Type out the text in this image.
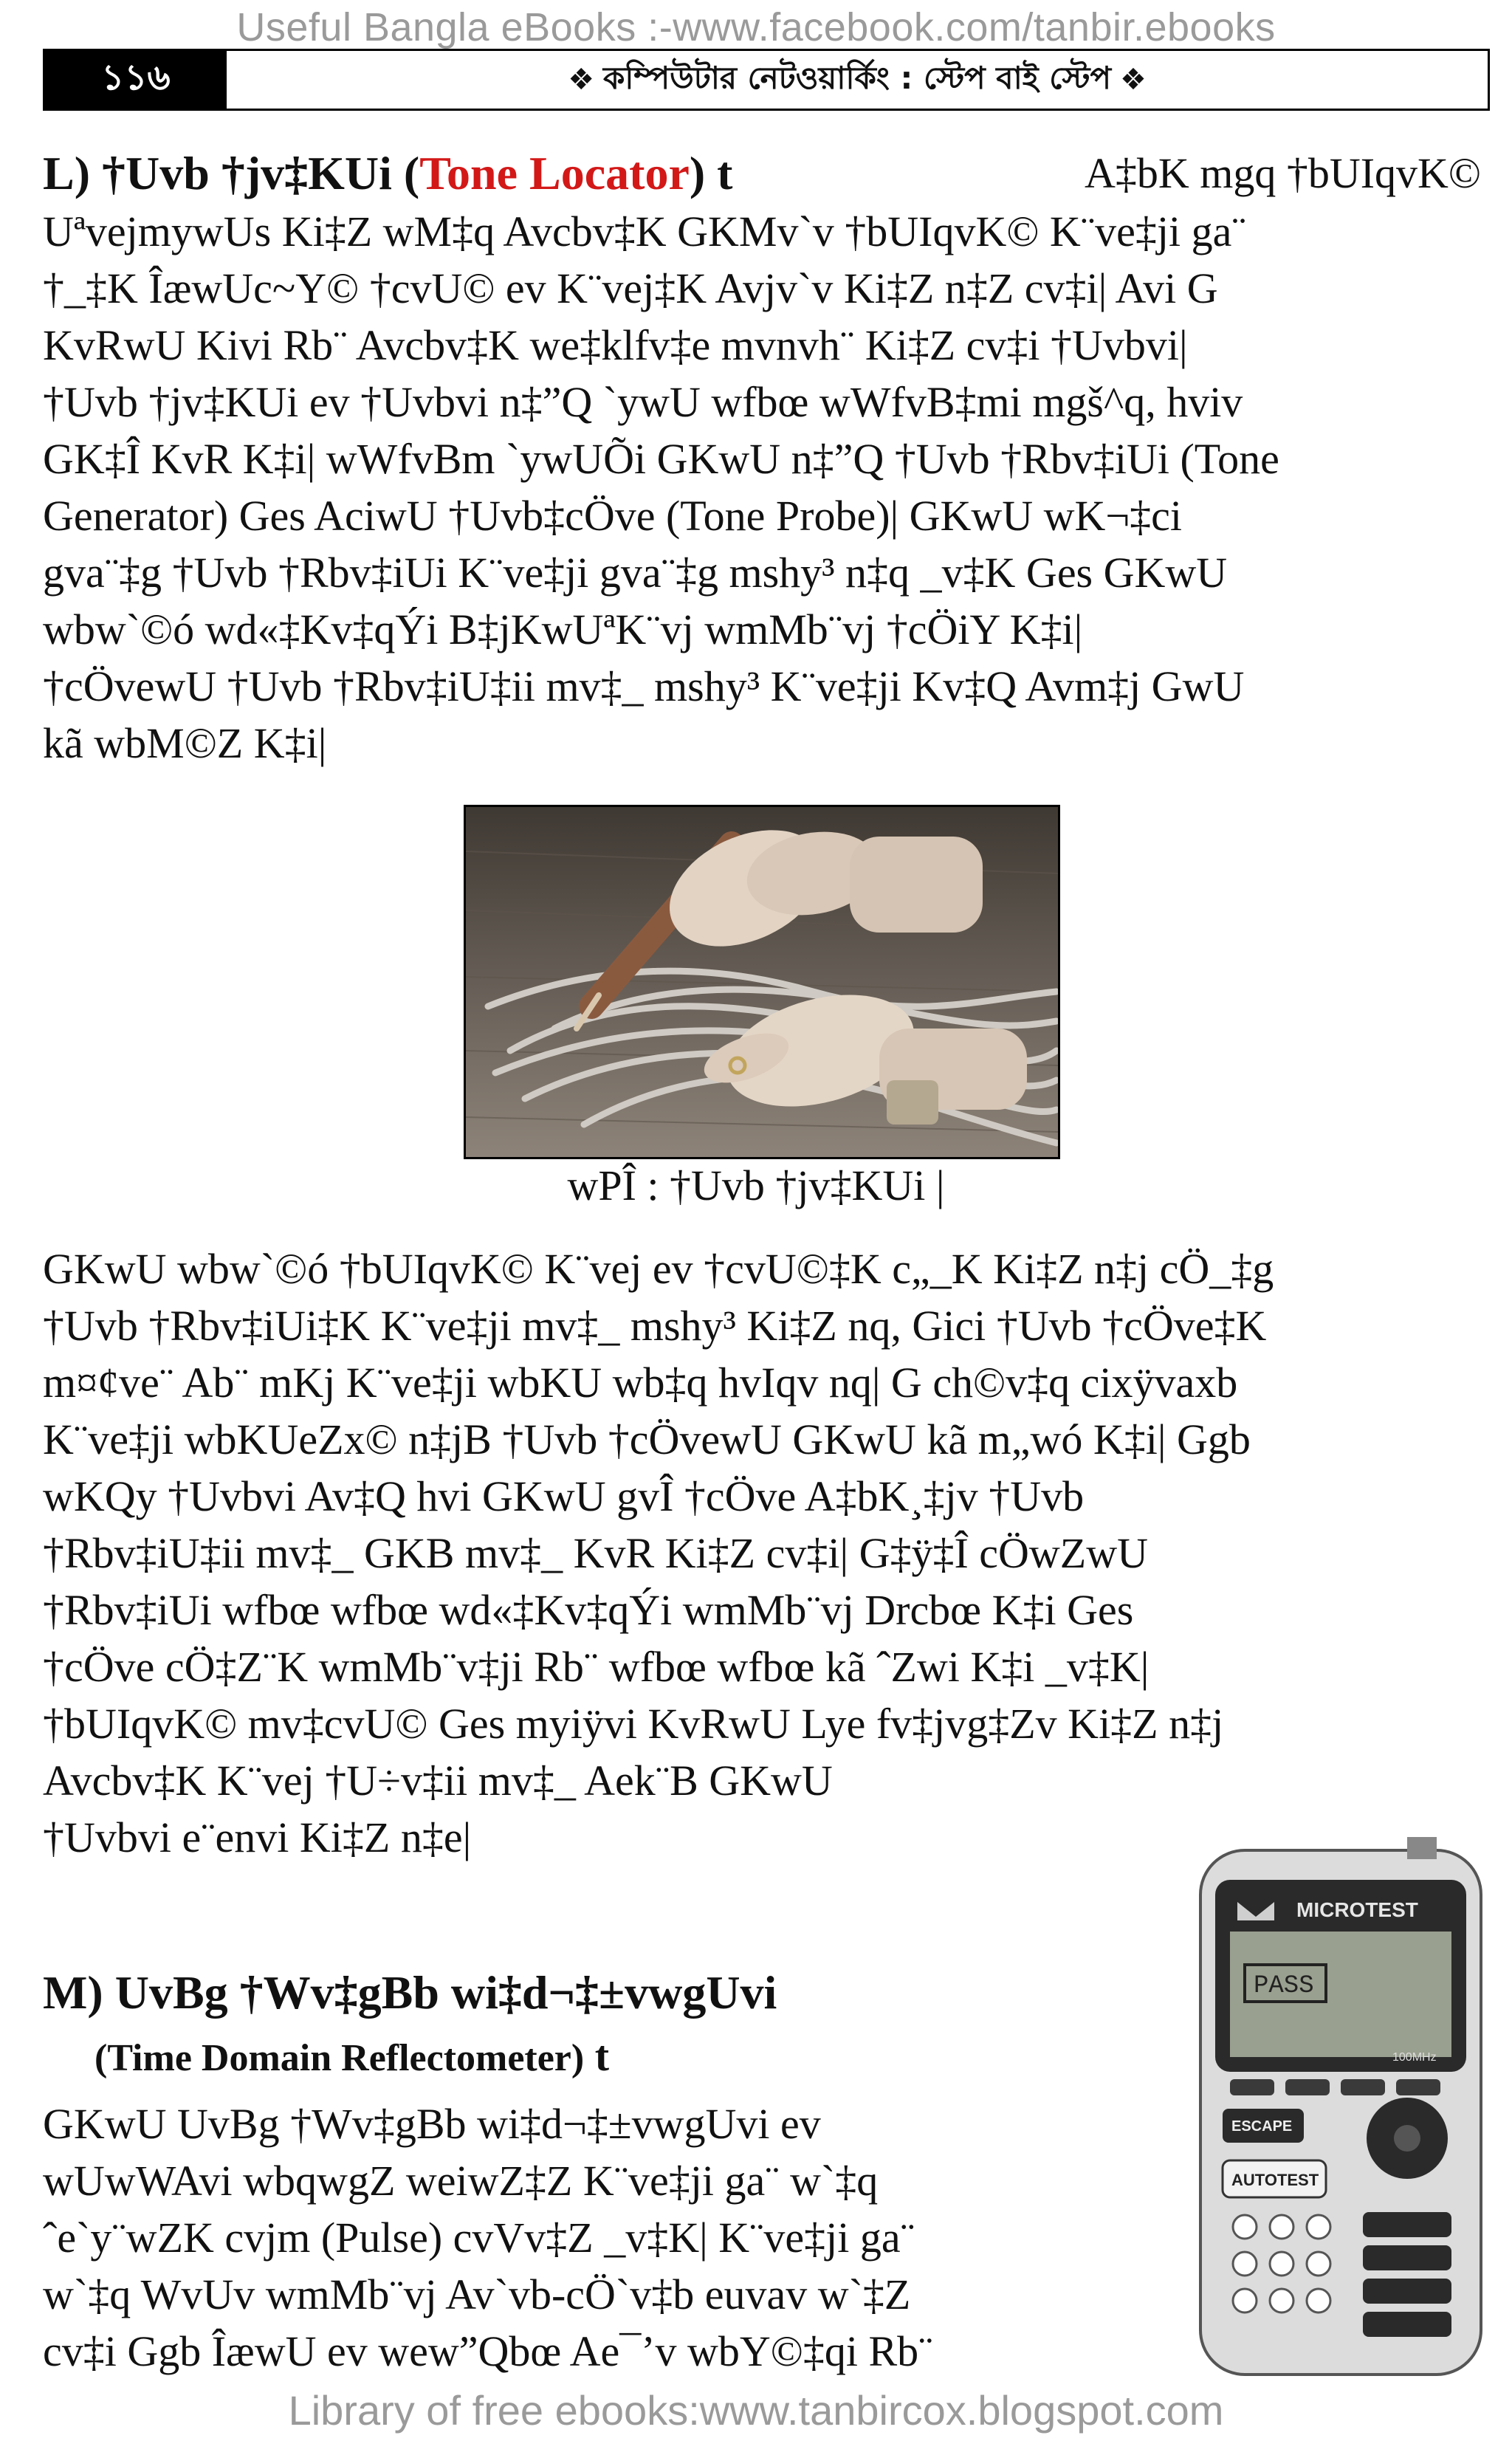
Useful Bangla eBooks :-www.facebook.com/tanbir.ebooks
১১৬	❖ কম্পিউটার নেটওয়ার্কিং : স্টেপ বাই স্টেপ ❖
L) †Uvb †jv‡KUi (Tone Locator) t	A‡bK mgq †bUIqvK©
UªvejmywUs Ki‡Z wM‡q Avcbv‡K GKMv`v †bUIqvK© K¨ve‡ji ga¨
†_‡K ÎæwUc~Y© †cvU© ev K¨vej‡K Avjv`v Ki‡Z n‡Z cv‡i| Avi G
KvRwU Kivi Rb¨ Avcbv‡K we‡klfv‡e mvnvh¨ Ki‡Z cv‡i †Uvbvi|
†Uvb †jv‡KUi ev †Uvbvi n‡”Q `ywU wfbœ wWfvB‡mi mgš^q, hviv
GK‡Î KvR K‡i| wWfvBm `ywUÕi GKwU n‡”Q †Uvb †Rbv‡iUi (Tone
Generator) Ges AciwU †Uvb‡cÖve (Tone Probe)| GKwU wK¬‡ci
gva¨‡g †Uvb †Rbv‡iUi K¨ve‡ji gva¨‡g mshy³ n‡q _v‡K Ges GKwU
wbw`©ó wd«‡Kv‡qÝi B‡jKwUªK¨vj wmMb¨vj †cÖiY K‡i|
†cÖvewU †Uvb †Rbv‡iU‡ii mv‡_ mshy³ K¨ve‡ji Kv‡Q Avm‡j GwU
kã wbM©Z K‡i|
wPÎ : †Uvb †jv‡KUi |
GKwU wbw`©ó †bUIqvK© K¨vej ev †cvU©‡K c„_K Ki‡Z n‡j cÖ_‡g
†Uvb †Rbv‡iUi‡K K¨ve‡ji mv‡_ mshy³ Ki‡Z nq, Gici †Uvb †cÖve‡K
m¤¢ve¨ Ab¨ mKj K¨ve‡ji wbKU wb‡q hvIqv nq| G ch©v‡q cixÿvaxb
K¨ve‡ji wbKUeZx© n‡jB †Uvb †cÖvewU GKwU kã m„wó K‡i| Ggb
wKQy †Uvbvi Av‡Q hvi GKwU gvÎ †cÖve A‡bK¸‡jv †Uvb
†Rbv‡iU‡ii mv‡_ GKB mv‡_ KvR Ki‡Z cv‡i| G‡ÿ‡Î cÖwZwU
†Rbv‡iUi wfbœ wfbœ wd«‡Kv‡qÝi wmMb¨vj Drcbœ K‡i Ges
†cÖve cÖ‡Z¨K wmMb¨v‡ji Rb¨ wfbœ wfbœ kã ˆZwi K‡i _v‡K|
†bUIqvK© mv‡cvU© Ges myiÿvi KvRwU Lye fv‡jvg‡Zv Ki‡Z n‡j
Avcbv‡K K¨vej †U÷v‡ii mv‡_ Aek¨B GKwU
†Uvbvi e¨envi Ki‡Z n‡e|
M) UvBg †Wv‡gBb wi‡d¬‡±vwgUvi
(Time Domain Reflectometer) t
GKwU UvBg †Wv‡gBb wi‡d¬‡±vwgUvi ev
wUwWAvi wbqwgZ weiwZ‡Z K¨ve‡ji ga¨ w`‡q
ˆe`y¨wZK cvjm (Pulse) cvVv‡Z _v‡K| K¨ve‡ji ga¨
w`‡q WvUv wmMb¨vj Av`vb-cÖ`v‡b euvav w`‡Z
cv‡i Ggb ÎæwU ev wew”Qbœ Ae¯’v wbY©‡qi Rb¨
MICROTEST
PASS
100MHz
ESCAPE
AUTOTEST
Library of free ebooks:www.tanbircox.blogspot.com
